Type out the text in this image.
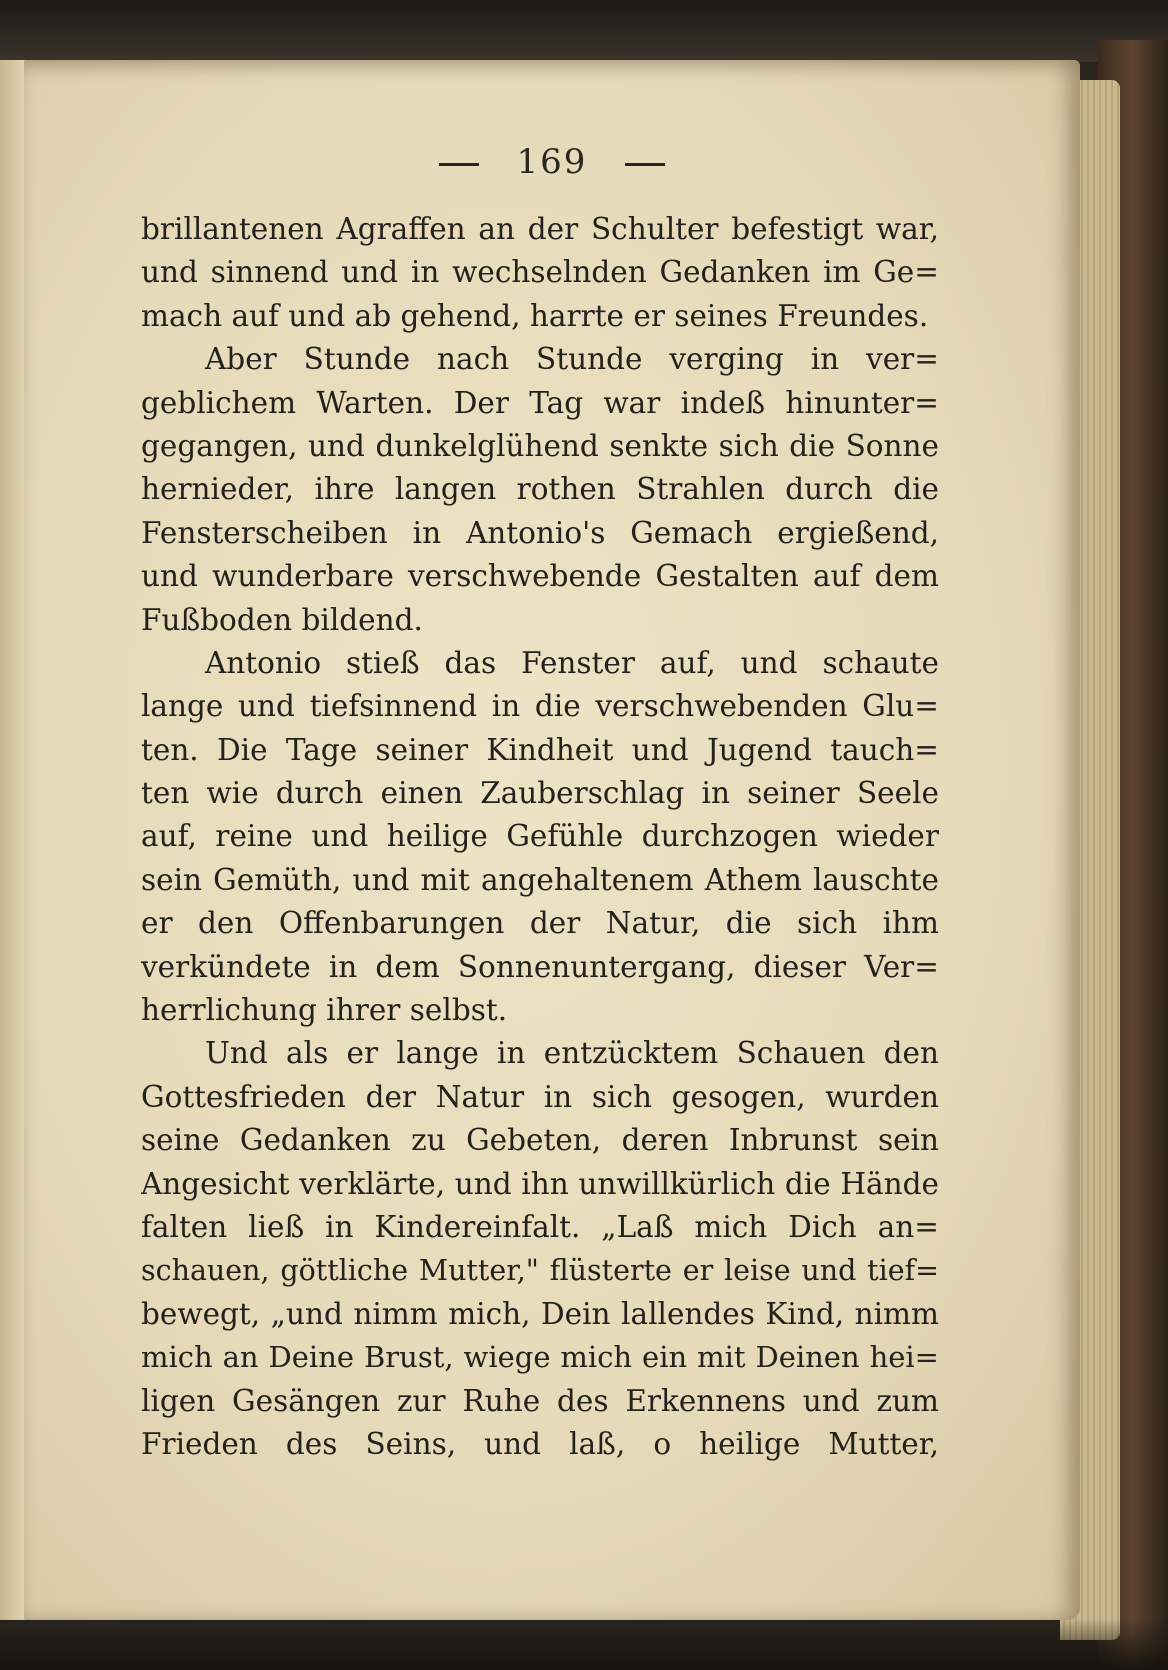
169
brillantenen Agraffen an der Schulter befestigt war,
und sinnend und in wechselnden Gedanken im Ge=
mach auf und ab gehend, harrte er seines Freundes.
Aber Stunde nach Stunde verging in ver=
geblichem Warten. Der Tag war indeß hinunter=
gegangen, und dunkelglühend senkte sich die Sonne
hernieder, ihre langen rothen Strahlen durch die
Fensterscheiben in Antonio's Gemach ergießend,
und wunderbare verschwebende Gestalten auf dem
Fußboden bildend.
Antonio stieß das Fenster auf, und schaute
lange und tiefsinnend in die verschwebenden Glu=
ten. Die Tage seiner Kindheit und Jugend tauch=
ten wie durch einen Zauberschlag in seiner Seele
auf, reine und heilige Gefühle durchzogen wieder
sein Gemüth, und mit angehaltenem Athem lauschte
er den Offenbarungen der Natur, die sich ihm
verkündete in dem Sonnenuntergang, dieser Ver=
herrlichung ihrer selbst.
Und als er lange in entzücktem Schauen den
Gottesfrieden der Natur in sich gesogen, wurden
seine Gedanken zu Gebeten, deren Inbrunst sein
Angesicht verklärte, und ihn unwillkürlich die Hände
falten ließ in Kindereinfalt. „Laß mich Dich an=
schauen, göttliche Mutter," flüsterte er leise und tief=
bewegt, „und nimm mich, Dein lallendes Kind, nimm
mich an Deine Brust, wiege mich ein mit Deinen hei=
ligen Gesängen zur Ruhe des Erkennens und zum
Frieden des Seins, und laß, o heilige Mutter,
